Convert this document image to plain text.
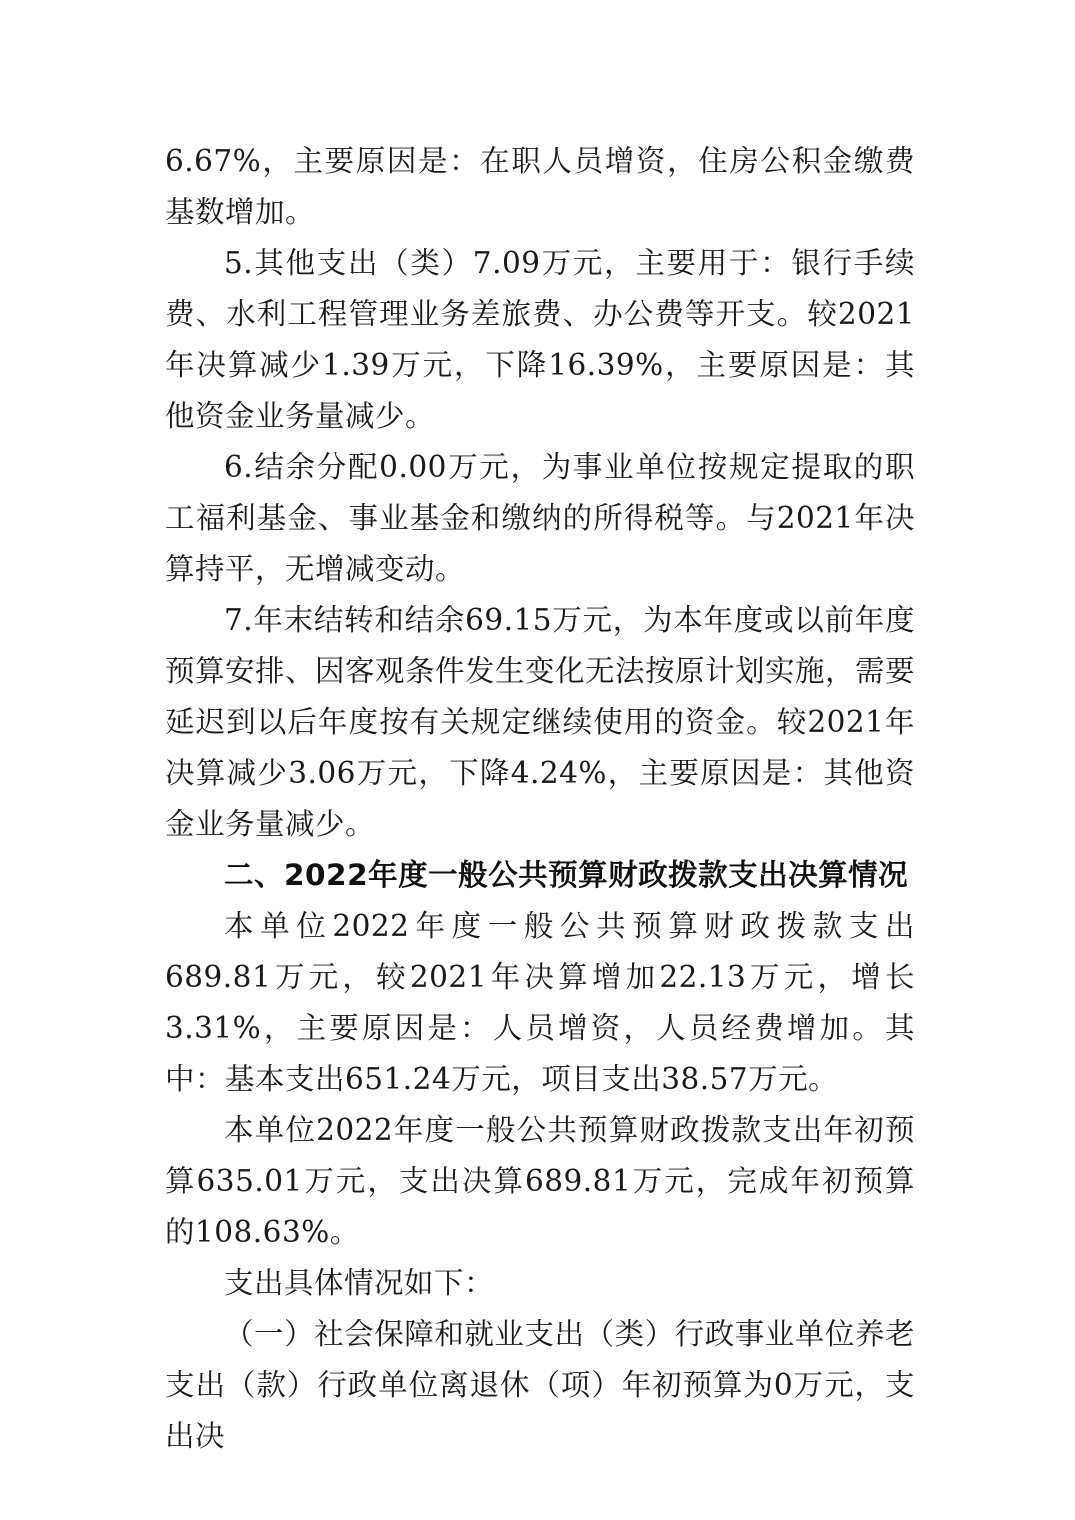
6.67%，主要原因是：在职人员增资，住房公积金缴费基数增加。

5.其他支出（类）7.09万元，主要用于：银行手续费、水利工程管理业务差旅费、办公费等开支。较2021年决算减少1.39万元，下降16.39%，主要原因是：其他资金业务量减少。

6.结余分配0.00万元，为事业单位按规定提取的职工福利基金、事业基金和缴纳的所得税等。与2021年决算持平，无增减变动。

7.年末结转和结余69.15万元，为本年度或以前年度预算安排、因客观条件发生变化无法按原计划实施，需要延迟到以后年度按有关规定继续使用的资金。较2021年决算减少3.06万元，下降4.24%，主要原因是：其他资金业务量减少。

二、2022年度一般公共预算财政拨款支出决算情况

本单位2022年度一般公共预算财政拨款支出689.81万元，较2021年决算增加22.13万元，增长3.31%，主要原因是：人员增资，人员经费增加。其中：基本支出651.24万元，项目支出38.57万元。

本单位2022年度一般公共预算财政拨款支出年初预算635.01万元，支出决算689.81万元，完成年初预算的108.63%。

支出具体情况如下：

（一）社会保障和就业支出（类）行政事业单位养老支出（款）行政单位离退休（项）年初预算为0万元，支出决
